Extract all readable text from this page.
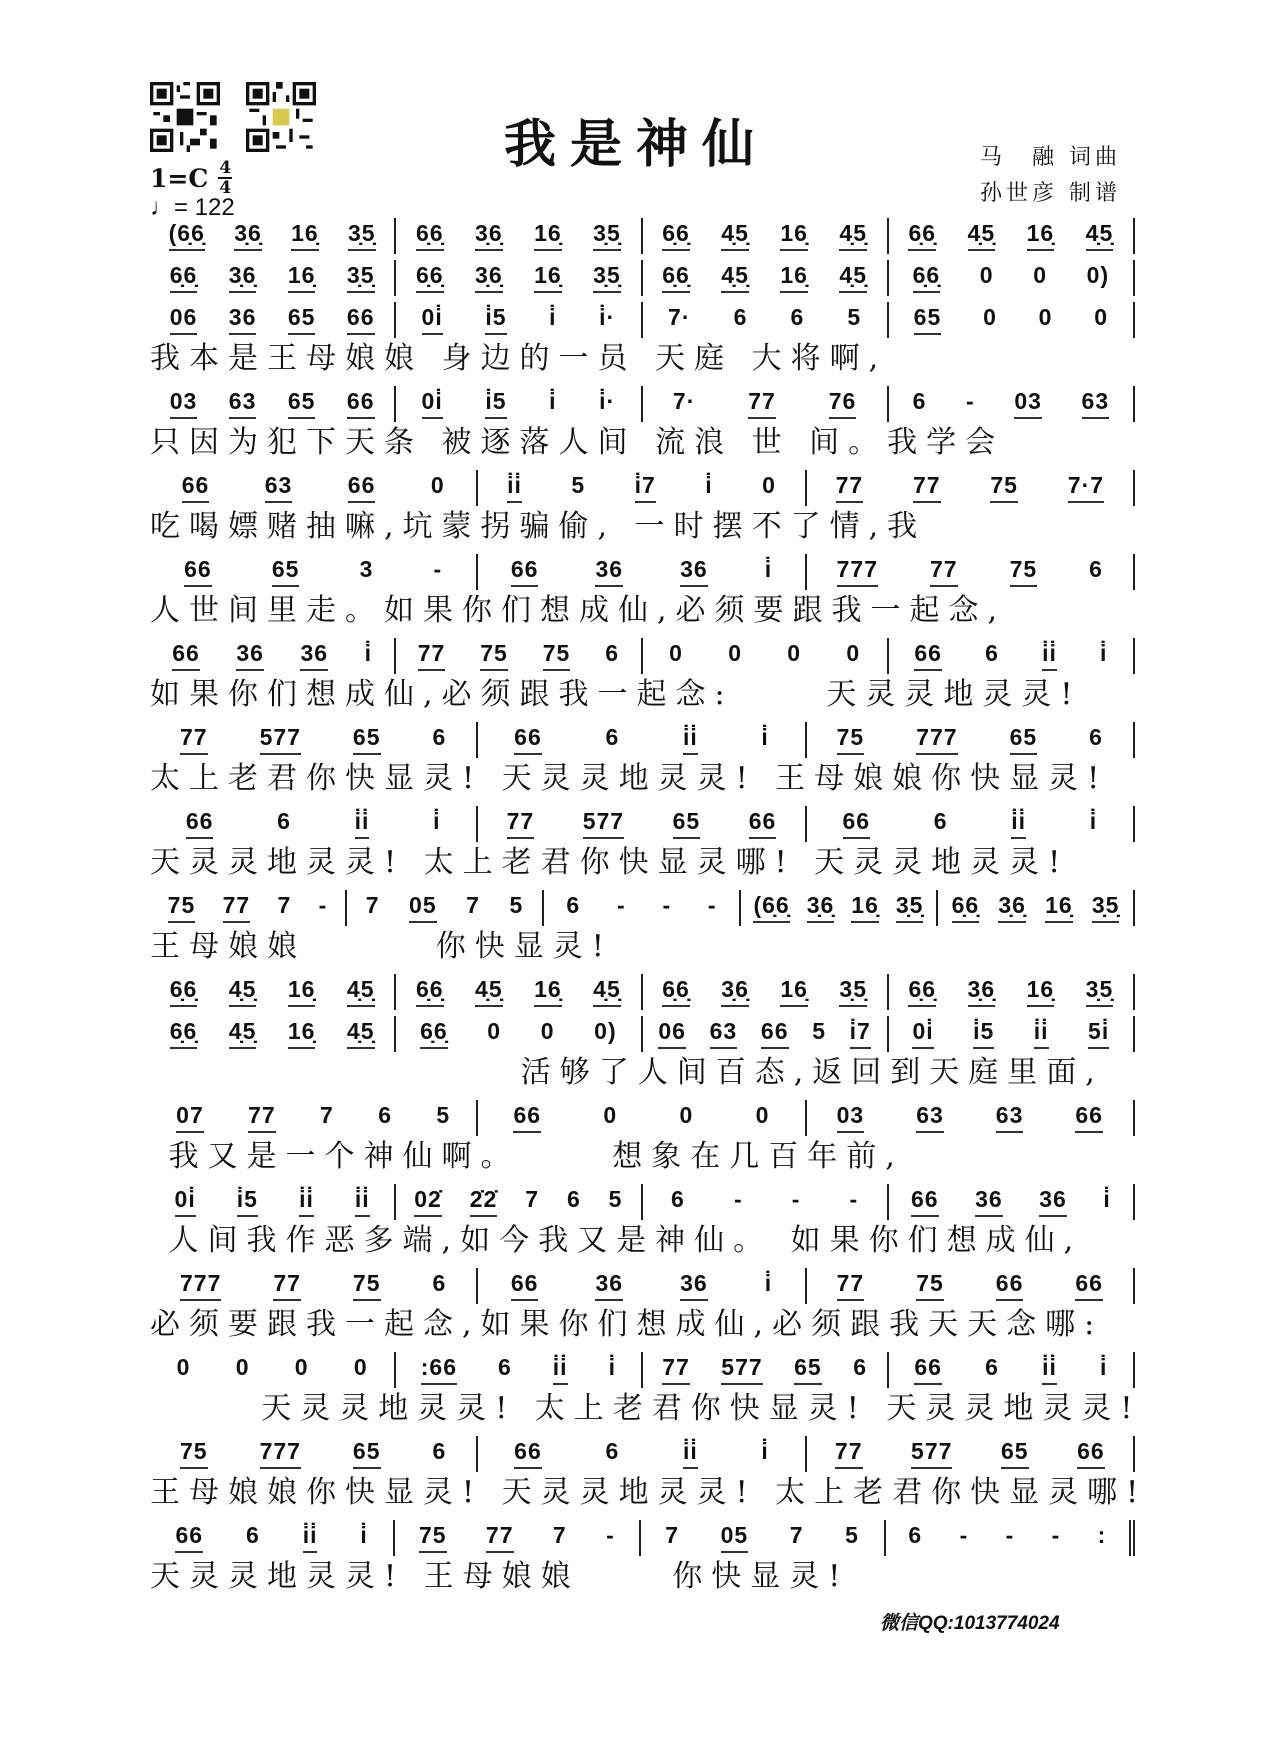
我是神仙	马　融 词曲
孙世彦 制谱
$1=C \frac{4}{4}$
♩= 122
(6̣6̣ 3̣6̣ 16̣ 3̣5̣ 6̣6̣ 3̣6̣ 16̣ 3̣5̣ 6̣6̣ 4̣5̣ 16̣ 4̣5̣ 6̣6̣ 4̣5̣ 16̣ 4̣5̣
6̣6̣ 3̣6̣ 16̣ 3̣5̣ 6̣6̣ 3̣6̣ 16̣ 3̣5̣ 6̣6̣ 4̣5̣ 16̣ 4̣5̣ 6̣6̣ 0 0 0)
06 36 65 66 0i̇ i̇5 i̇ i̇· 7· 6 6 5 65 0 0 0
我本是王母娘娘 身边的一员 天庭 大将啊,
03 63 65 66 0i̇ i̇5 i̇ i̇·	7· 77 76 6 - 03 63
只因为犯下天条 被逐落人间 流浪 世 间。我学会
66 63 66 0	i̇i̇ 5 i̇7 i̇ 0	77 77 75 7·7
吃喝嫖赌抽嘛,坑蒙拐骗偷, 一时摆不了情,我
66	65	3	-	66 36 36 i̇	777 77 75 6
人世间里走。如果你们想成仙,必须要跟我一起念,
66 36 36 i̇ 77 75 75 6 0 0 0 0 66 6 i̇i̇ i̇
如果你们想成仙,必须跟我一起念:     天灵灵地灵灵!
77 577 65 6	66	6	i̇i̇	i̇	75 777 65 6
太上老君你快显灵! 天灵灵地灵灵! 王母娘娘你快显灵!
66	6	i̇i̇	i̇	77 577 65 66	66	6	i̇i̇	i̇
天灵灵地灵灵! 太上老君你快显灵哪! 天灵灵地灵灵!
75 77 7 - 7 05 7 5 6 - - - (6̣6̣ 3̣6̣ 16̣ 3̣5̣ 6̣6̣ 3̣6̣ 16̣ 3̣5̣
王母娘娘       你快显灵!
6̣6̣ 4̣5̣ 16̣ 4̣5̣ 6̣6̣ 4̣5̣ 16̣ 4̣5̣ 6̣6̣ 3̣6̣ 16̣ 3̣5̣ 6̣6̣ 3̣6̣ 16̣ 3̣5̣
6̣6̣ 4̣5̣ 16̣ 4̣5̣ 6̣6̣ 0 0 0) 06 63 66 5 i̇7 0i̇ i̇5 i̇i̇ 5i̇
活够了人间百态,返回到天庭里面,
07 77 7 6 5	66	0	0	0	03 63 63 66
我又是一个神仙啊。     想象在几百年前,
0i̇ i̇5 i̇i̇ i̇i̇ 02̇ 2̇2̇ 7 6 5 6 - - - 66 36 36 i̇
人间我作恶多端,如今我又是神仙。 如果你们想成仙,
777 77 75 6	66 36 36 i̇	77 75 66 66
必须要跟我一起念,如果你们想成仙,必须跟我天天念哪:
0 0 0 0 :66 6 i̇i̇ i̇ 77 577 65 6 66 6 i̇i̇ i̇
天灵灵地灵灵! 太上老君你快显灵! 天灵灵地灵灵!
75 777 65 6	66	6	i̇i̇	i̇	77 577 65 66
王母娘娘你快显灵! 天灵灵地灵灵! 太上老君你快显灵哪!
66 6 i̇i̇ i̇ 75 77 7 - 7 05 7 5 6 - - - :
天灵灵地灵灵! 王母娘娘     你快显灵!
微信QQ:1013774024
